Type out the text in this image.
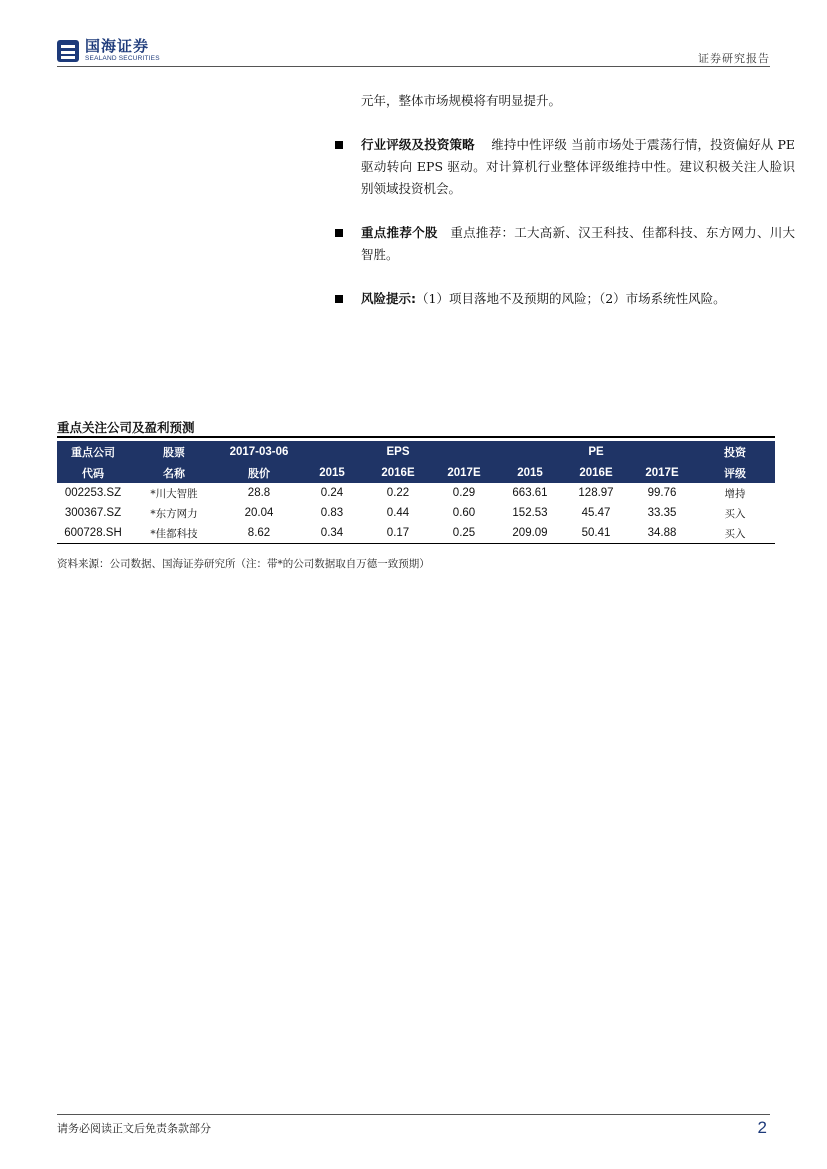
国海证券
SEALAND SECURITIES	证券研究报告
元年，整体市场规模将有明显提升。
行业评级及投资策略 维持中性评级 当前市场处于震荡行情，投资偏好从 PE 驱动转向 EPS 驱动。对计算机行业整体评级维持中性。建议积极关注人脸识别领域投资机会。
重点推荐个股 重点推荐：工大高新、汉王科技、佳都科技、东方网力、川大智胜。
风险提示:（1）项目落地不及预期的风险；（2）市场系统性风险。
重点关注公司及盈利预测
重点公司	股票	2017-03-06		EPS			PE		投资
代码	名称	股价	2015	2016E	2017E	2015	2016E	2017E	评级
002253.SZ	*川大智胜	28.8	0.24	0.22	0.29	663.61	128.97	99.76	增持
300367.SZ	*东方网力	20.04	0.83	0.44	0.60	152.53	45.47	33.35	买入
600728.SH	*佳都科技	8.62	0.34	0.17	0.25	209.09	50.41	34.88	买入
资料来源：公司数据、国海证券研究所（注：带*的公司数据取自万德一致预期）
请务必阅读正文后免责条款部分	2
